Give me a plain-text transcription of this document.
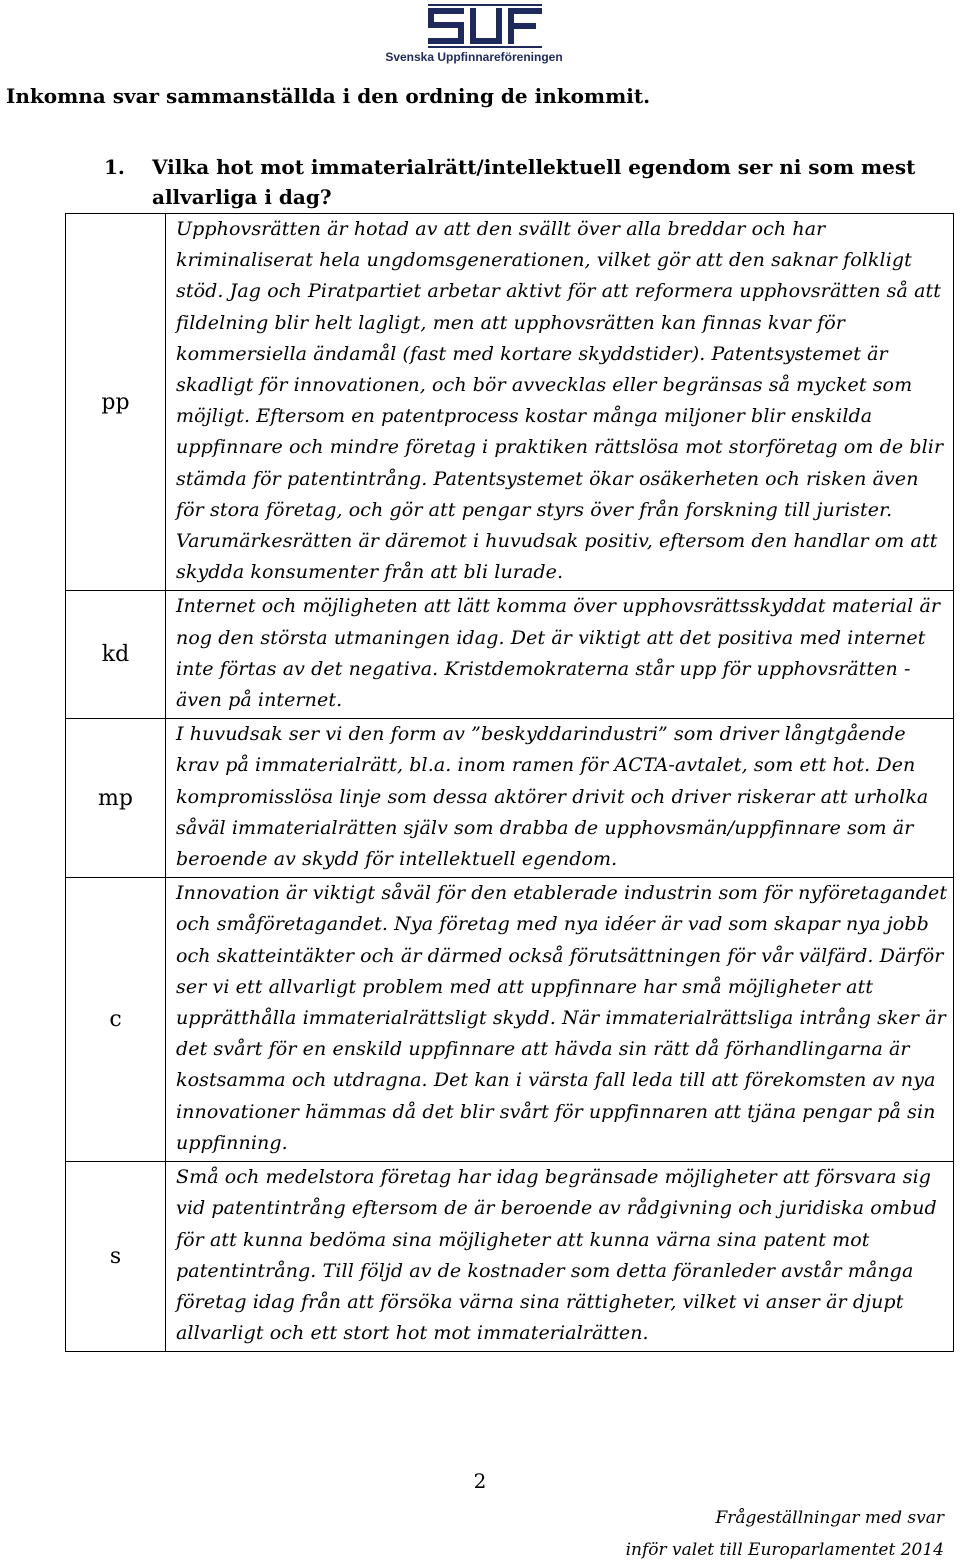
Svenska Uppfinnareföreningen
Inkomna svar sammanställda i den ordning de inkommit.
1. Vilka hot mot immaterialrätt/intellektuell egendom ser ni som mest allvarliga i dag?
pp	Upphovsrätten är hotad av att den svällt över alla breddar och har kriminaliserat hela ungdomsgenerationen, vilket gör att den saknar folkligt stöd. Jag och Piratpartiet arbetar aktivt för att reformera upphovsrätten så att fildelning blir helt lagligt, men att upphovsrätten kan finnas kvar för kommersiella ändamål (fast med kortare skyddstider). Patentsystemet är skadligt för innovationen, och bör avvecklas eller begränsas så mycket som möjligt. Eftersom en patentprocess kostar många miljoner blir enskilda uppfinnare och mindre företag i praktiken rättslösa mot storföretag om de blir stämda för patentintrång. Patentsystemet ökar osäkerheten och risken även för stora företag, och gör att pengar styrs över från forskning till jurister. Varumärkesrätten är däremot i huvudsak positiv, eftersom den handlar om att skydda konsumenter från att bli lurade.
kd	Internet och möjligheten att lätt komma över upphovsrättsskyddat material är nog den största utmaningen idag. Det är viktigt att det positiva med internet inte förtas av det negativa. Kristdemokraterna står upp för upphovsrätten - även på internet.
mp	I huvudsak ser vi den form av ”beskyddarindustri” som driver långtgående krav på immaterialrätt, bl.a. inom ramen för ACTA-avtalet, som ett hot. Den kompromisslösa linje som dessa aktörer drivit och driver riskerar att urholka såväl immaterialrätten själv som drabba de upphovsmän/uppfinnare som är beroende av skydd för intellektuell egendom.
c	Innovation är viktigt såväl för den etablerade industrin som för nyföretagandet och småföretagandet. Nya företag med nya idéer är vad som skapar nya jobb och skatteintäkter och är därmed också förutsättningen för vår välfärd. Därför ser vi ett allvarligt problem med att uppfinnare har små möjligheter att upprätthålla immaterialrättsligt skydd. När immaterialrättsliga intrång sker är det svårt för en enskild uppfinnare att hävda sin rätt då förhandlingarna är kostsamma och utdragna. Det kan i värsta fall leda till att förekomsten av nya innovationer hämmas då det blir svårt för uppfinnaren att tjäna pengar på sin uppfinning.
s	Små och medelstora företag har idag begränsade möjligheter att försvara sig vid patentintrång eftersom de är beroende av rådgivning och juridiska ombud för att kunna bedöma sina möjligheter att kunna värna sina patent mot patentintrång. Till följd av de kostnader som detta föranleder avstår många företag idag från att försöka värna sina rättigheter, vilket vi anser är djupt allvarligt och ett stort hot mot immaterialrätten.
2
Frågeställningar med svar
inför valet till Europarlamentet 2014
